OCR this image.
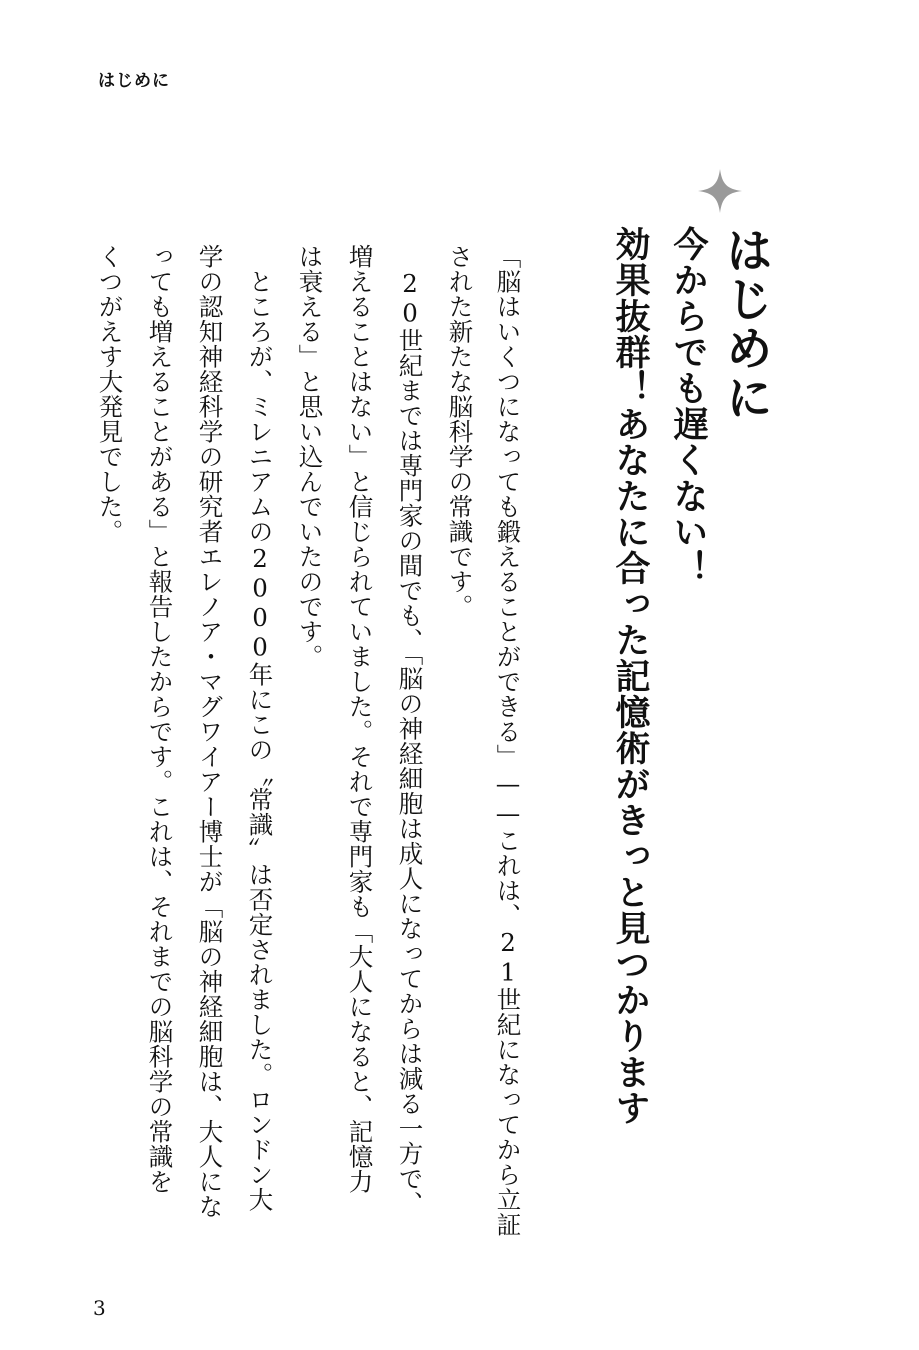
はじめに
はじめに
今からでも遅くない！
効果抜群！あなたに合った記憶術がきっと見つかります
「脳はいくつになっても鍛えることができる」——これは、21世紀になってから立証
された新たな脳科学の常識です。
　20世紀までは専門家の間でも、「脳の神経細胞は成人になってからは減る一方で、
増えることはない」と信じられていました。それで専門家も「大人になると、記憶力
は衰える」と思い込んでいたのです。
　ところが、ミレニアムの2000年にこの〝常識〟は否定されました。ロンドン大
学の認知神経科学の研究者エレノア・マグワイアー博士が「脳の神経細胞は、大人にな
っても増えることがある」と報告したからです。これは、それまでの脳科学の常識を
くつがえす大発見でした。
3
